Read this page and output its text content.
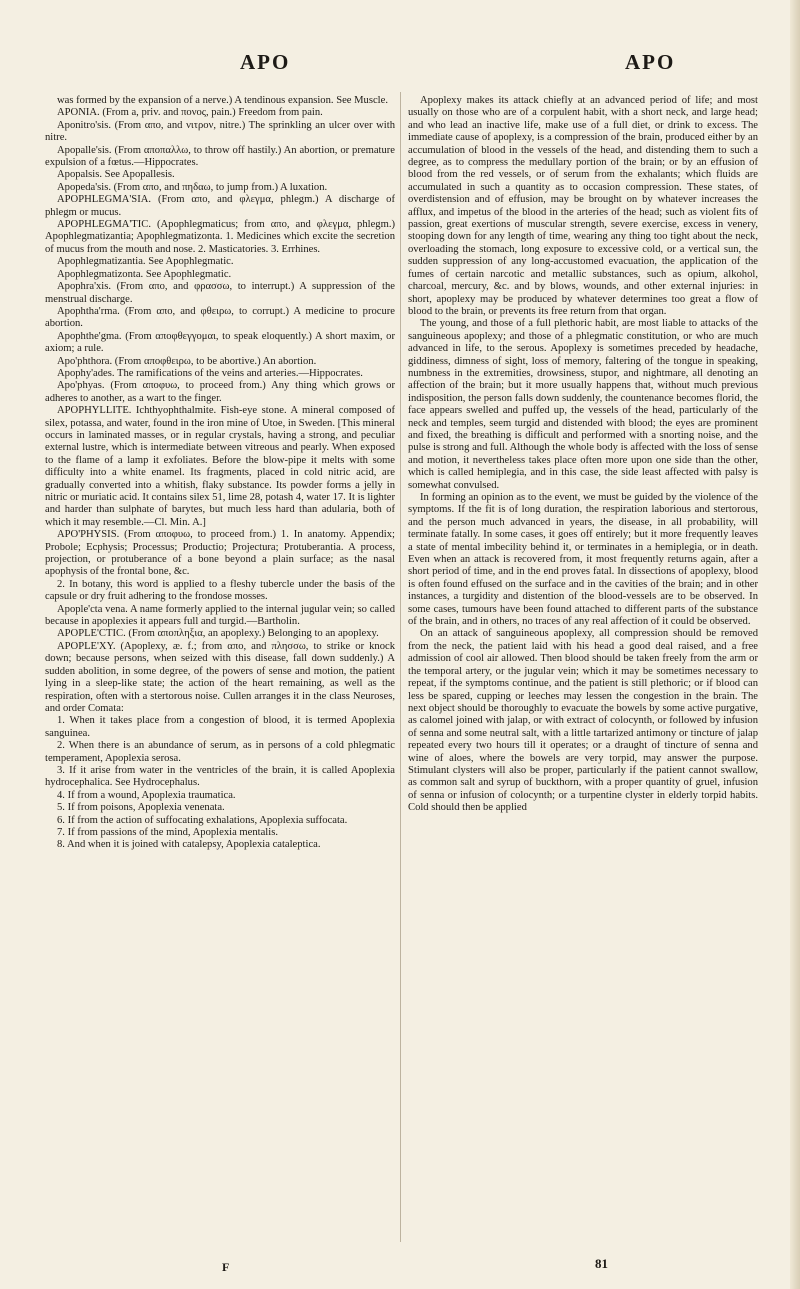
APO	APO

was formed by the expansion of a nerve.) A tendinous expansion. See Muscle.

APONIA. (From a, priv. and πονος, pain.) Freedom from pain.

Aponitro'sis. (From απο, and νιτρον, nitre.) The sprinkling an ulcer over with nitre.

Apopalle'sis. (From αποπαλλω, to throw off hastily.) An abortion, or premature expulsion of a fœtus.—Hippocrates.

Apopalsis. See Apopallesis.

Apopeda'sis. (From απο, and πηδαω, to jump from.) A luxation.

APOPHLEGMA'SIA. (From απο, and φλεγμα, phlegm.) A discharge of phlegm or mucus.

APOPHLEGMA'TIC. (Apophlegmaticus; from απο, and φλεγμα, phlegm.) Apophlegmatizantia; Apophlegmatizonta. 1. Medicines which excite the secretion of mucus from the mouth and nose. 2. Masticatories. 3. Errhines.

Apophlegmatizantia. See Apophlegmatic.

Apophlegmatizonta. See Apophlegmatic.

Apophra'xis. (From απο, and φρασσω, to interrupt.) A suppression of the menstrual discharge.

Apophtha'rma. (From απο, and φθειρω, to corrupt.) A medicine to procure abortion.

Apophthe'gma. (From αποφθεγγομαι, to speak eloquently.) A short maxim, or axiom; a rule.

Apo'phthora. (From αποφθειρω, to be abortive.) An abortion.

Apophy'ades. The ramifications of the veins and arteries.—Hippocrates.

Apo'phyas. (From αποφυω, to proceed from.) Any thing which grows or adheres to another, as a wart to the finger.

APOPHYLLITE. Ichthyophthalmite. Fish-eye stone. A mineral composed of silex, potassa, and water, found in the iron mine of Utoe, in Sweden. [This mineral occurs in laminated masses, or in regular crystals, having a strong, and peculiar external lustre, which is intermediate between vitreous and pearly. When exposed to the flame of a lamp it exfoliates. Before the blow-pipe it melts with some difficulty into a white enamel. Its fragments, placed in cold nitric acid, are gradually converted into a whitish, flaky substance. Its powder forms a jelly in nitric or muriatic acid. It contains silex 51, lime 28, potash 4, water 17. It is lighter and harder than sulphate of barytes, but much less hard than adularia, both of which it may resemble.—Cl. Min. A.]

APO'PHYSIS. (From αποφυω, to proceed from.) 1. In anatomy. Appendix; Probole; Ecphysis; Processus; Productio; Projectura; Protuberantia. A process, projection, or protuberance of a bone beyond a plain surface; as the nasal apophysis of the frontal bone, &c.

2. In botany, this word is applied to a fleshy tubercle under the basis of the capsule or dry fruit adhering to the frondose mosses.

Apople'cta vena. A name formerly applied to the internal jugular vein; so called because in apoplexies it appears full and turgid.—Bartholin.

APOPLE'CTIC. (From αποπληξια, an apoplexy.) Belonging to an apoplexy.

APOPLE'XY. (Apoplexy, æ. f.; from απο, and πλησσω, to strike or knock down; because persons, when seized with this disease, fall down suddenly.) A sudden abolition, in some degree, of the powers of sense and motion, the patient lying in a sleep-like state; the action of the heart remaining, as well as the respiration, often with a stertorous noise. Cullen arranges it in the class Neuroses, and order Comata:

1. When it takes place from a congestion of blood, it is termed Apoplexia sanguinea.

2. When there is an abundance of serum, as in persons of a cold phlegmatic temperament, Apoplexia serosa.

3. If it arise from water in the ventricles of the brain, it is called Apoplexia hydrocephalica. See Hydrocephalus.

4. If from a wound, Apoplexia traumatica.

5. If from poisons, Apoplexia venenata.

6. If from the action of suffocating exhalations, Apoplexia suffocata.

7. If from passions of the mind, Apoplexia mentalis.

8. And when it is joined with catalepsy, Apoplexia cataleptica.

Apoplexy makes its attack chiefly at an advanced period of life; and most usually on those who are of a corpulent habit, with a short neck, and large head; and who lead an inactive life, make use of a full diet, or drink to excess. The immediate cause of apoplexy, is a compression of the brain, produced either by an accumulation of blood in the vessels of the head, and distending them to such a degree, as to compress the medullary portion of the brain; or by an effusion of blood from the red vessels, or of serum from the exhalants; which fluids are accumulated in such a quantity as to occasion compression. These states, of overdistension and of effusion, may be brought on by whatever increases the afflux, and impetus of the blood in the arteries of the head; such as violent fits of passion, great exertions of muscular strength, severe exercise, excess in venery, stooping down for any length of time, wearing any thing too tight about the neck, overloading the stomach, long exposure to excessive cold, or a vertical sun, the sudden suppression of any long-accustomed evacuation, the application of the fumes of certain narcotic and metallic substances, such as opium, alkohol, charcoal, mercury, &c. and by blows, wounds, and other external injuries: in short, apoplexy may be produced by whatever determines too great a flow of blood to the brain, or prevents its free return from that organ.

The young, and those of a full plethoric habit, are most liable to attacks of the sanguineous apoplexy; and those of a phlegmatic constitution, or who are much advanced in life, to the serous. Apoplexy is sometimes preceded by headache, giddiness, dimness of sight, loss of memory, faltering of the tongue in speaking, numbness in the extremities, drowsiness, stupor, and nightmare, all denoting an affection of the brain; but it more usually happens that, without much previous indisposition, the person falls down suddenly, the countenance becomes florid, the face appears swelled and puffed up, the vessels of the head, particularly of the neck and temples, seem turgid and distended with blood; the eyes are prominent and fixed, the breathing is difficult and performed with a snorting noise, and the pulse is strong and full. Although the whole body is affected with the loss of sense and motion, it nevertheless takes place often more upon one side than the other, which is called hemiplegia, and in this case, the side least affected with palsy is somewhat convulsed.

In forming an opinion as to the event, we must be guided by the violence of the symptoms. If the fit is of long duration, the respiration laborious and stertorous, and the person much advanced in years, the disease, in all probability, will terminate fatally. In some cases, it goes off entirely; but it more frequently leaves a state of mental imbecility behind it, or terminates in a hemiplegia, or in death. Even when an attack is recovered from, it most frequently returns again, after a short period of time, and in the end proves fatal. In dissections of apoplexy, blood is often found effused on the surface and in the cavities of the brain; and in other instances, a turgidity and distention of the blood-vessels are to be observed. In some cases, tumours have been found attached to different parts of the substance of the brain, and in others, no traces of any real affection of it could be observed.

On an attack of sanguineous apoplexy, all compression should be removed from the neck, the patient laid with his head a good deal raised, and a free admission of cool air allowed. Then blood should be taken freely from the arm or the temporal artery, or the jugular vein; which it may be sometimes necessary to repeat, if the symptoms continue, and the patient is still plethoric; or if blood can less be spared, cupping or leeches may lessen the congestion in the brain. The next object should be thoroughly to evacuate the bowels by some active purgative, as calomel joined with jalap, or with extract of colocynth, or followed by infusion of senna and some neutral salt, with a little tartarized antimony or tincture of jalap repeated every two hours till it operates; or a draught of tincture of senna and wine of aloes, where the bowels are very torpid, may answer the purpose. Stimulant clysters will also be proper, particularly if the patient cannot swallow, as common salt and syrup of buckthorn, with a proper quantity of gruel, infusion of senna or infusion of colocynth; or a turpentine clyster in elderly torpid habits. Cold should then be applied

F	81
